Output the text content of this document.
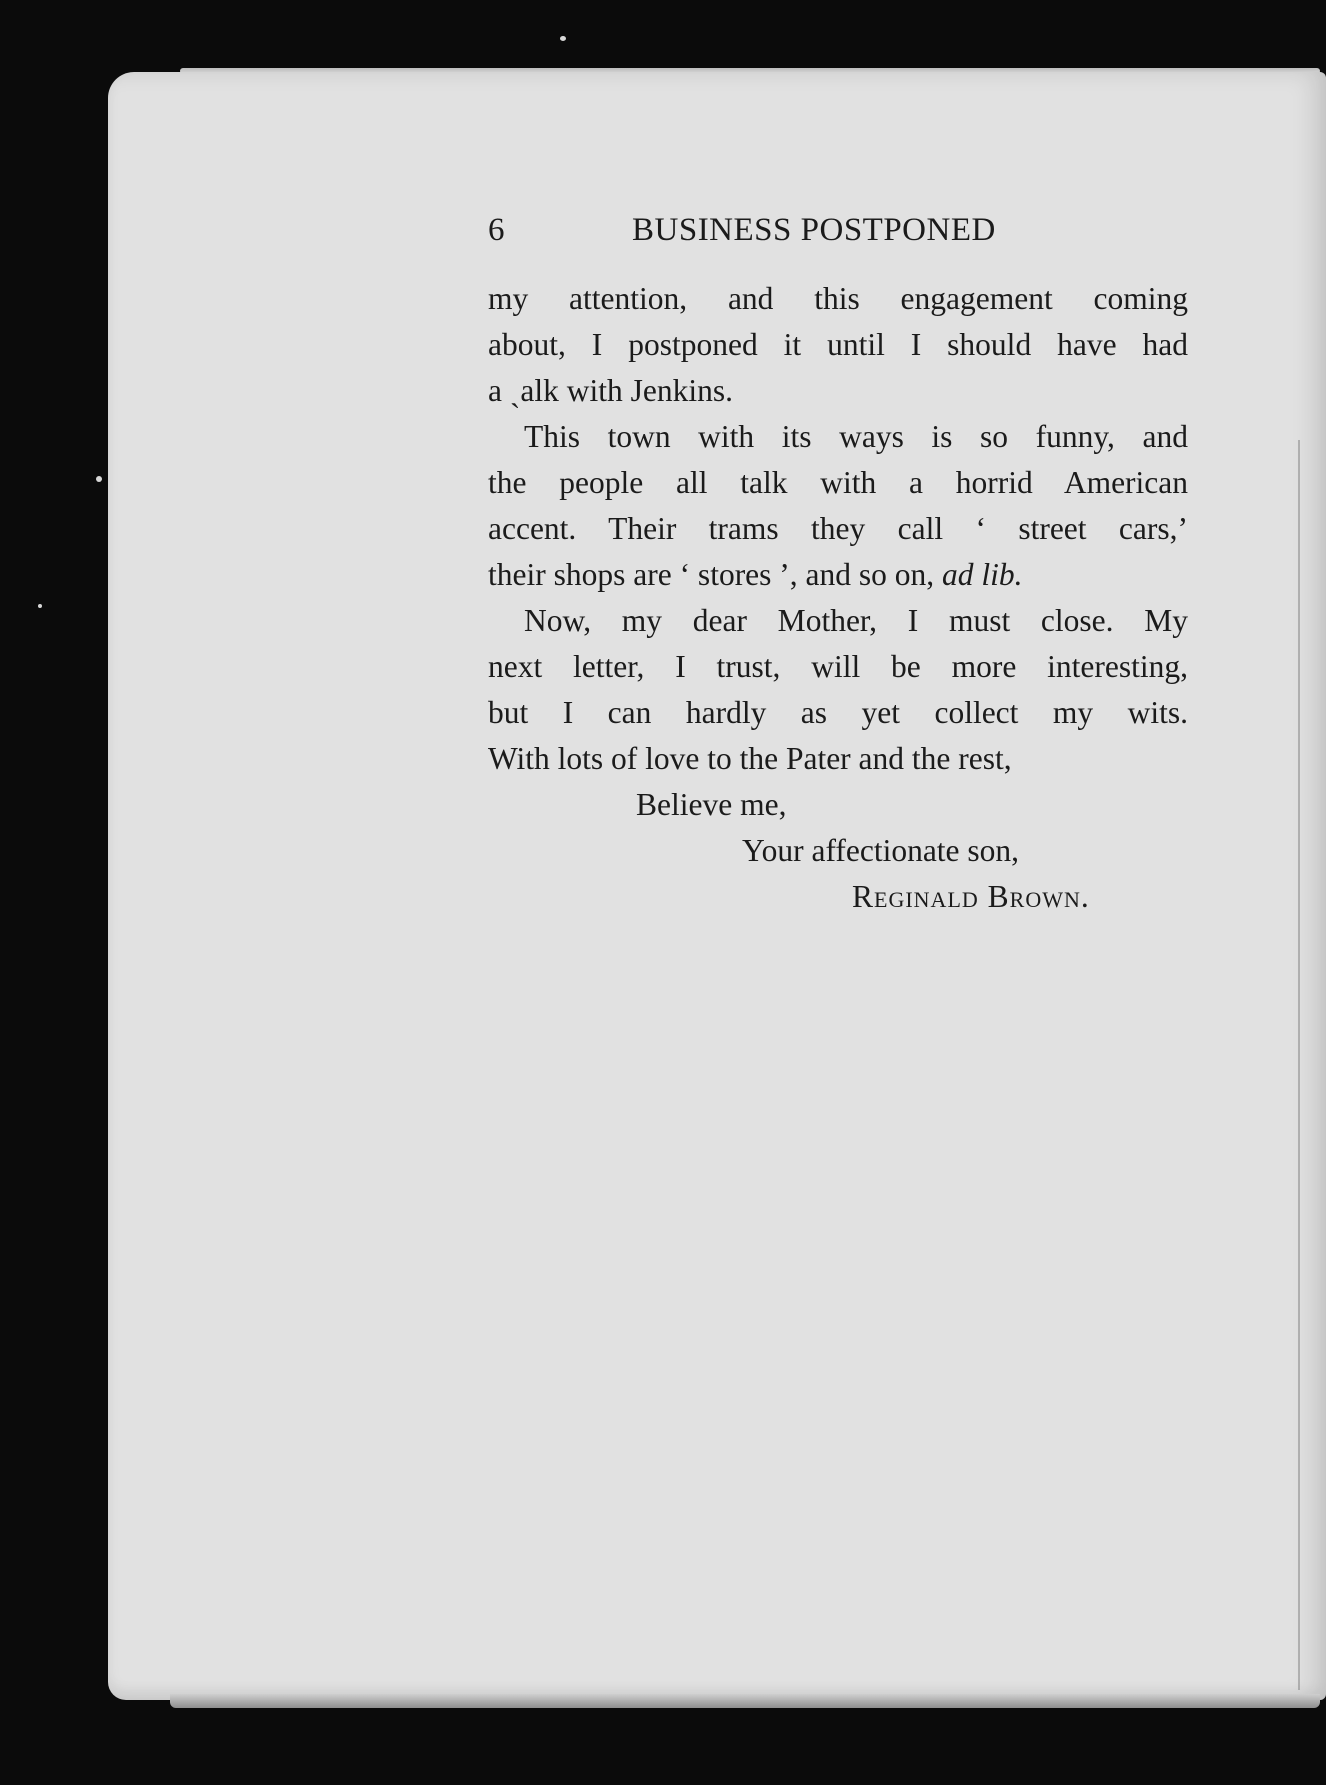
6	BUSINESS POSTPONED
my attention, and this engagement coming
about, I postponed it until I should have had
a ˎalk with Jenkins.
This town with its ways is so funny, and
the people all talk with a horrid American
accent. Their trams they call ‘ street cars,’
their shops are ‘ stores ’, and so on, ad lib.
Now, my dear Mother, I must close. My
next letter, I trust, will be more interesting,
but I can hardly as yet collect my wits.
With lots of love to the Pater and the rest,
Believe me,
Your affectionate son,
Reginald Brown.
